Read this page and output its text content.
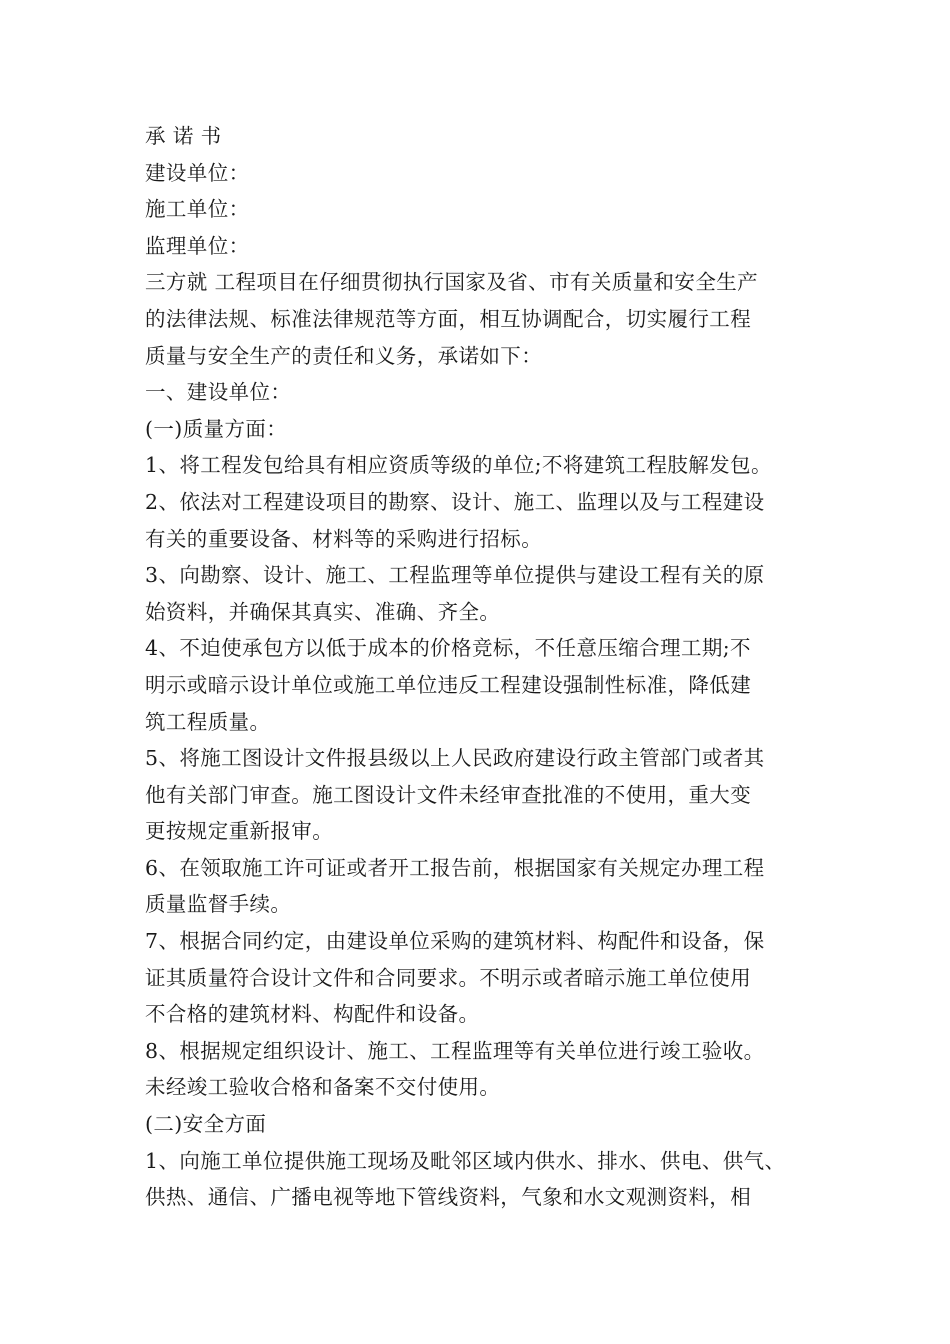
承 诺 书
建设单位：
施工单位：
监理单位：
三方就 工程项目在仔细贯彻执行国家及省、市有关质量和安全生产
的法律法规、标准法律规范等方面，相互协调配合，切实履行工程
质量与安全生产的责任和义务，承诺如下：
一、建设单位：
(一)质量方面：
1、将工程发包给具有相应资质等级的单位;不将建筑工程肢解发包。
2、依法对工程建设项目的勘察、设计、施工、监理以及与工程建设
有关的重要设备、材料等的采购进行招标。
3、向勘察、设计、施工、工程监理等单位提供与建设工程有关的原
始资料，并确保其真实、准确、齐全。
4、不迫使承包方以低于成本的价格竞标，不任意压缩合理工期;不
明示或暗示设计单位或施工单位违反工程建设强制性标准，降低建
筑工程质量。
5、将施工图设计文件报县级以上人民政府建设行政主管部门或者其
他有关部门审查。施工图设计文件未经审查批准的不使用，重大变
更按规定重新报审。
6、在领取施工许可证或者开工报告前，根据国家有关规定办理工程
质量监督手续。
7、根据合同约定，由建设单位采购的建筑材料、构配件和设备，保
证其质量符合设计文件和合同要求。不明示或者暗示施工单位使用
不合格的建筑材料、构配件和设备。
8、根据规定组织设计、施工、工程监理等有关单位进行竣工验收。
未经竣工验收合格和备案不交付使用。
(二)安全方面
1、向施工单位提供施工现场及毗邻区域内供水、排水、供电、供气、
供热、通信、广播电视等地下管线资料，气象和水文观测资料，相
